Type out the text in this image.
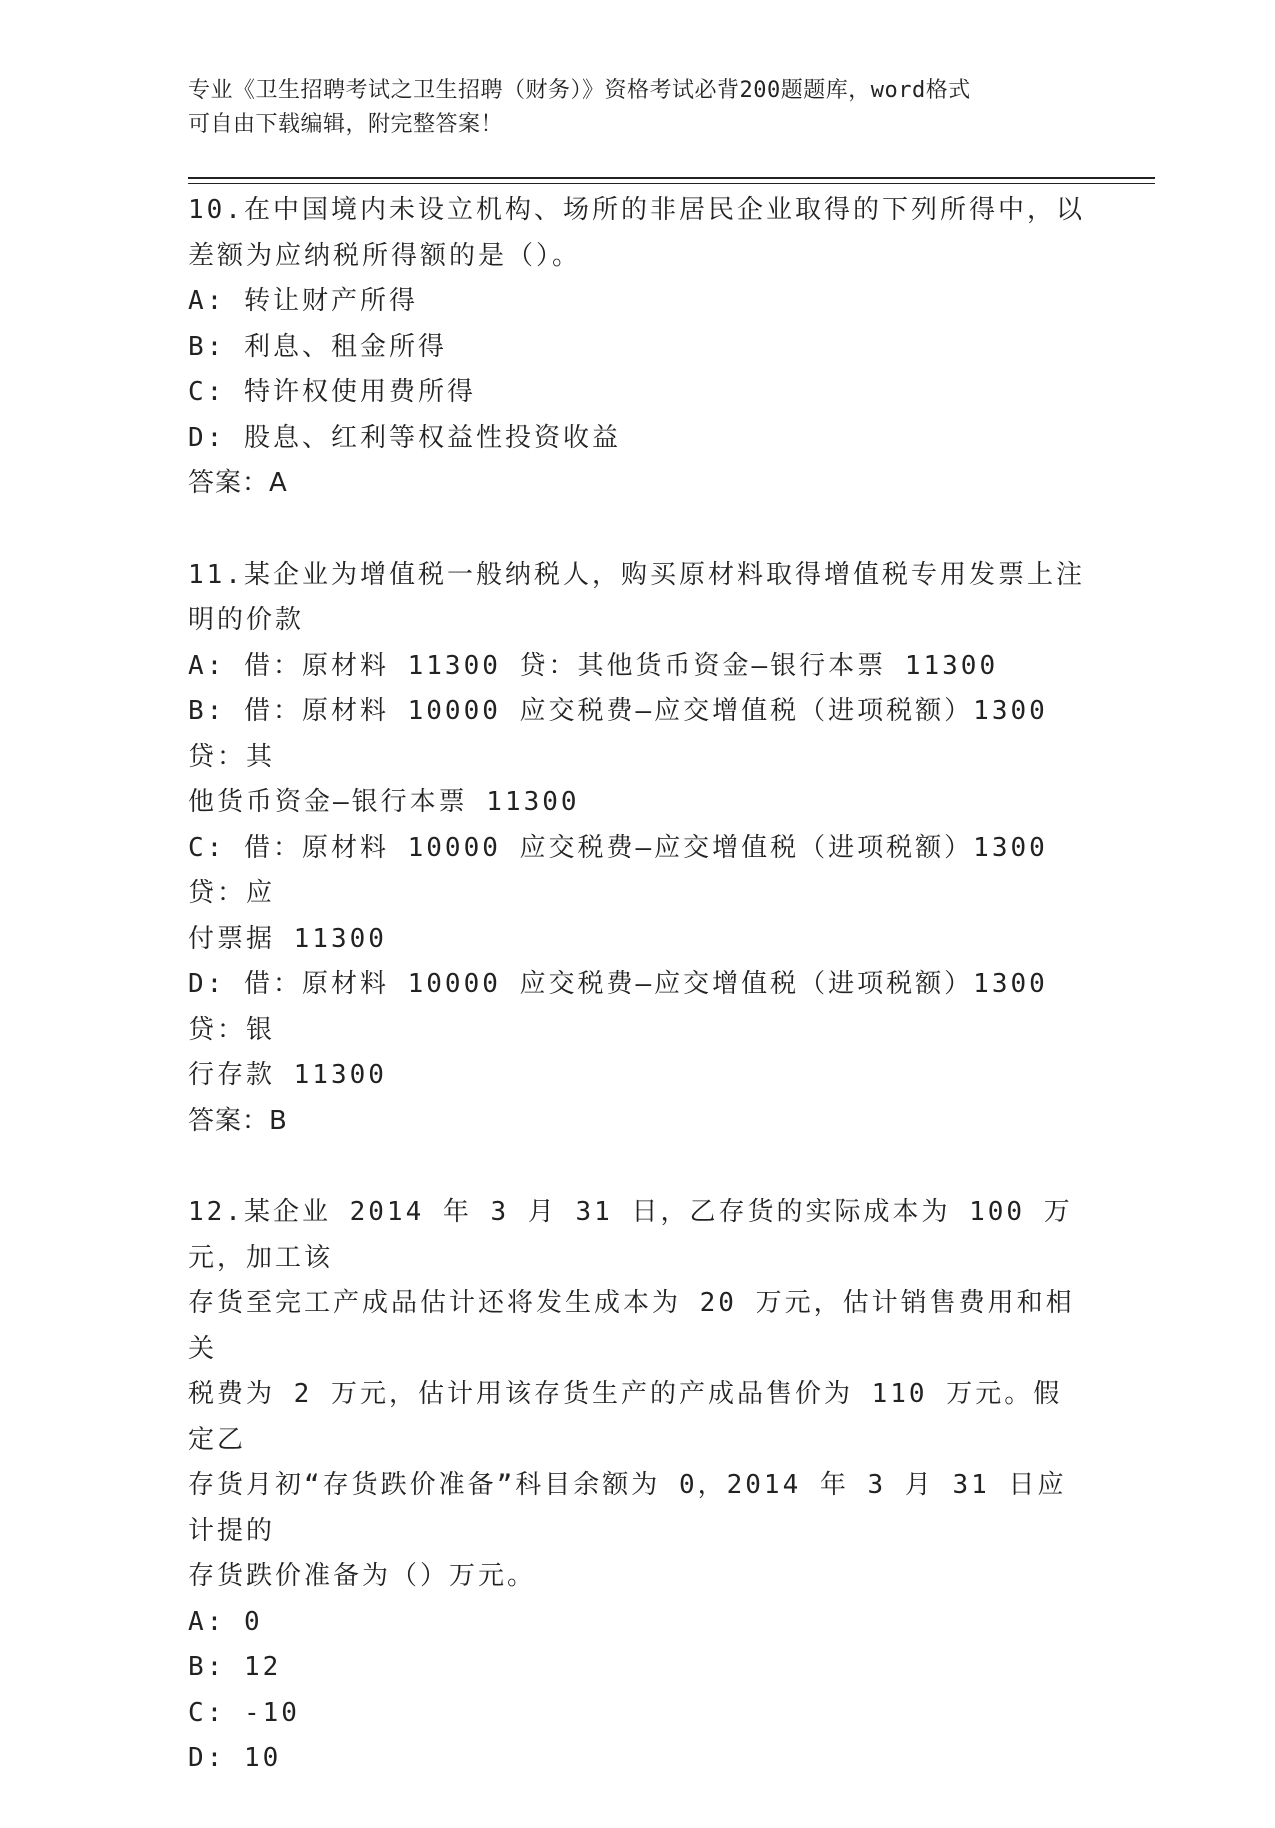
专业《卫生招聘考试之卫生招聘（财务）》资格考试必背200题题库，word格式
可自由下载编辑，附完整答案！
10.在中国境内未设立机构、场所的非居民企业取得的下列所得中，以
差额为应纳税所得额的是（）。
A: 转让财产所得
B: 利息、租金所得
C: 特许权使用费所得
D: 股息、红利等权益性投资收益
答案：A
11.某企业为增值税一般纳税人，购买原材料取得增值税专用发票上注
明的价款
A: 借：原材料 11300 贷：其他货币资金—银行本票 11300
B: 借：原材料 10000 应交税费—应交增值税（进项税额）1300 贷：其
他货币资金—银行本票 11300
C: 借：原材料 10000 应交税费—应交增值税（进项税额）1300 贷：应
付票据 11300
D: 借：原材料 10000 应交税费—应交增值税（进项税额）1300 贷：银
行存款 11300
答案：B
12.某企业 2014 年 3 月 31 日，乙存货的实际成本为 100 万元，加工该
存货至完工产成品估计还将发生成本为 20 万元，估计销售费用和相关
税费为 2 万元，估计用该存货生产的产成品售价为 110 万元。假定乙
存货月初“存货跌价准备”科目余额为 0，2014 年 3 月 31 日应计提的
存货跌价准备为（）万元。
A: 0
B: 12
C: -10
D: 10
